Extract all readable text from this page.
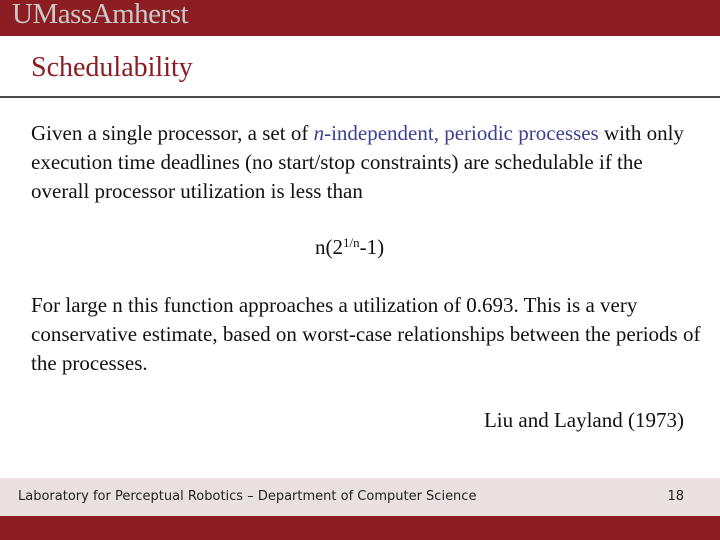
UMassAmherst
Schedulability

Given a single processor, a set of n-independent, periodic processes with only execution time deadlines (no start/stop constraints) are schedulable if the overall processor utilization is less than

$n(2^{1/n}-1)$

For large n this function approaches a utilization of 0.693. This is a very conservative estimate, based on worst-case relationships between the periods of the processes.

Liu and Layland (1973)
Laboratory for Perceptual Robotics – Department of Computer Science	18
